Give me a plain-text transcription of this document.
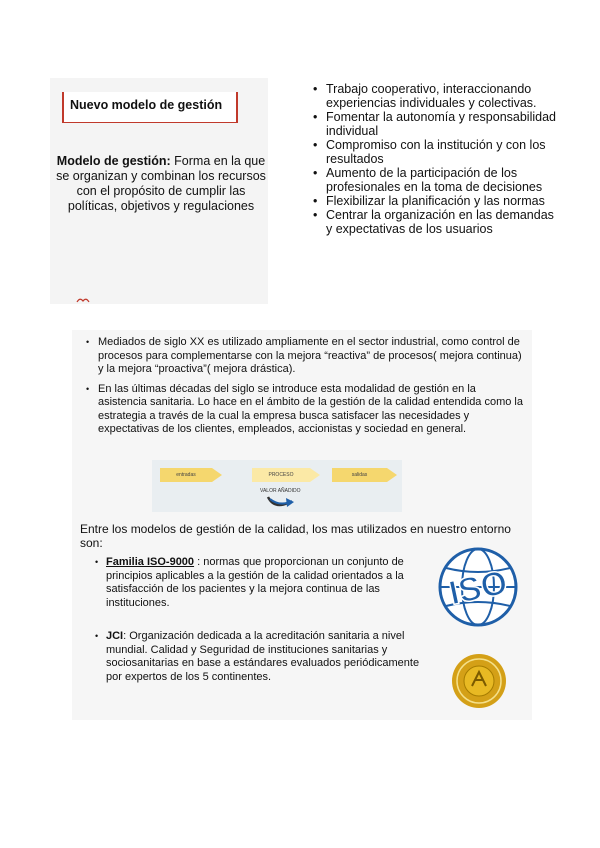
Nuevo modelo de gestión
Modelo de gestión: Forma en la que se organizan y combinan los recursos con el propósito de cumplir las políticas, objetivos y regulaciones
• Trabajo cooperativo, interaccionando experiencias individuales y colectivas.
• Fomentar la autonomía y responsabilidad individual
• Compromiso con la institución y con los resultados
• Aumento de la participación de los profesionales en la toma de decisiones
• Flexibilizar la planificación y las normas
• Centrar la organización en las demandas y expectativas de los usuarios
• Mediados de siglo XX es utilizado ampliamente en el sector industrial, como control de procesos para complementarse con la mejora “reactiva” de procesos( mejora continua) y la mejora “proactiva”( mejora drástica).
• En las últimas décadas del siglo se introduce esta modalidad de gestión en la asistencia sanitaria. Lo hace en el ámbito de la gestión de la calidad entendida como la estrategia a través de la cual la empresa busca satisfacer las necesidades y expectativas de los clientes, empleados, accionistas y sociedad en general.
entradas	PROCESO	salidas
VALOR AÑADIDO
Entre los modelos de gestión de la calidad, los mas utilizados en nuestro entorno son:
• Familia ISO-9000 : normas que proporcionan un conjunto de principios aplicables a la gestión de la calidad orientados a la satisfacción de los pacientes y la mejora continua de las instituciones.
• JCI: Organización dedicada a la acreditación sanitaria a nivel mundial. Calidad y Seguridad de instituciones sanitarias y sociosanitarias en base a estándares evaluados periódicamente por expertos de los 5 continentes.
ISO
